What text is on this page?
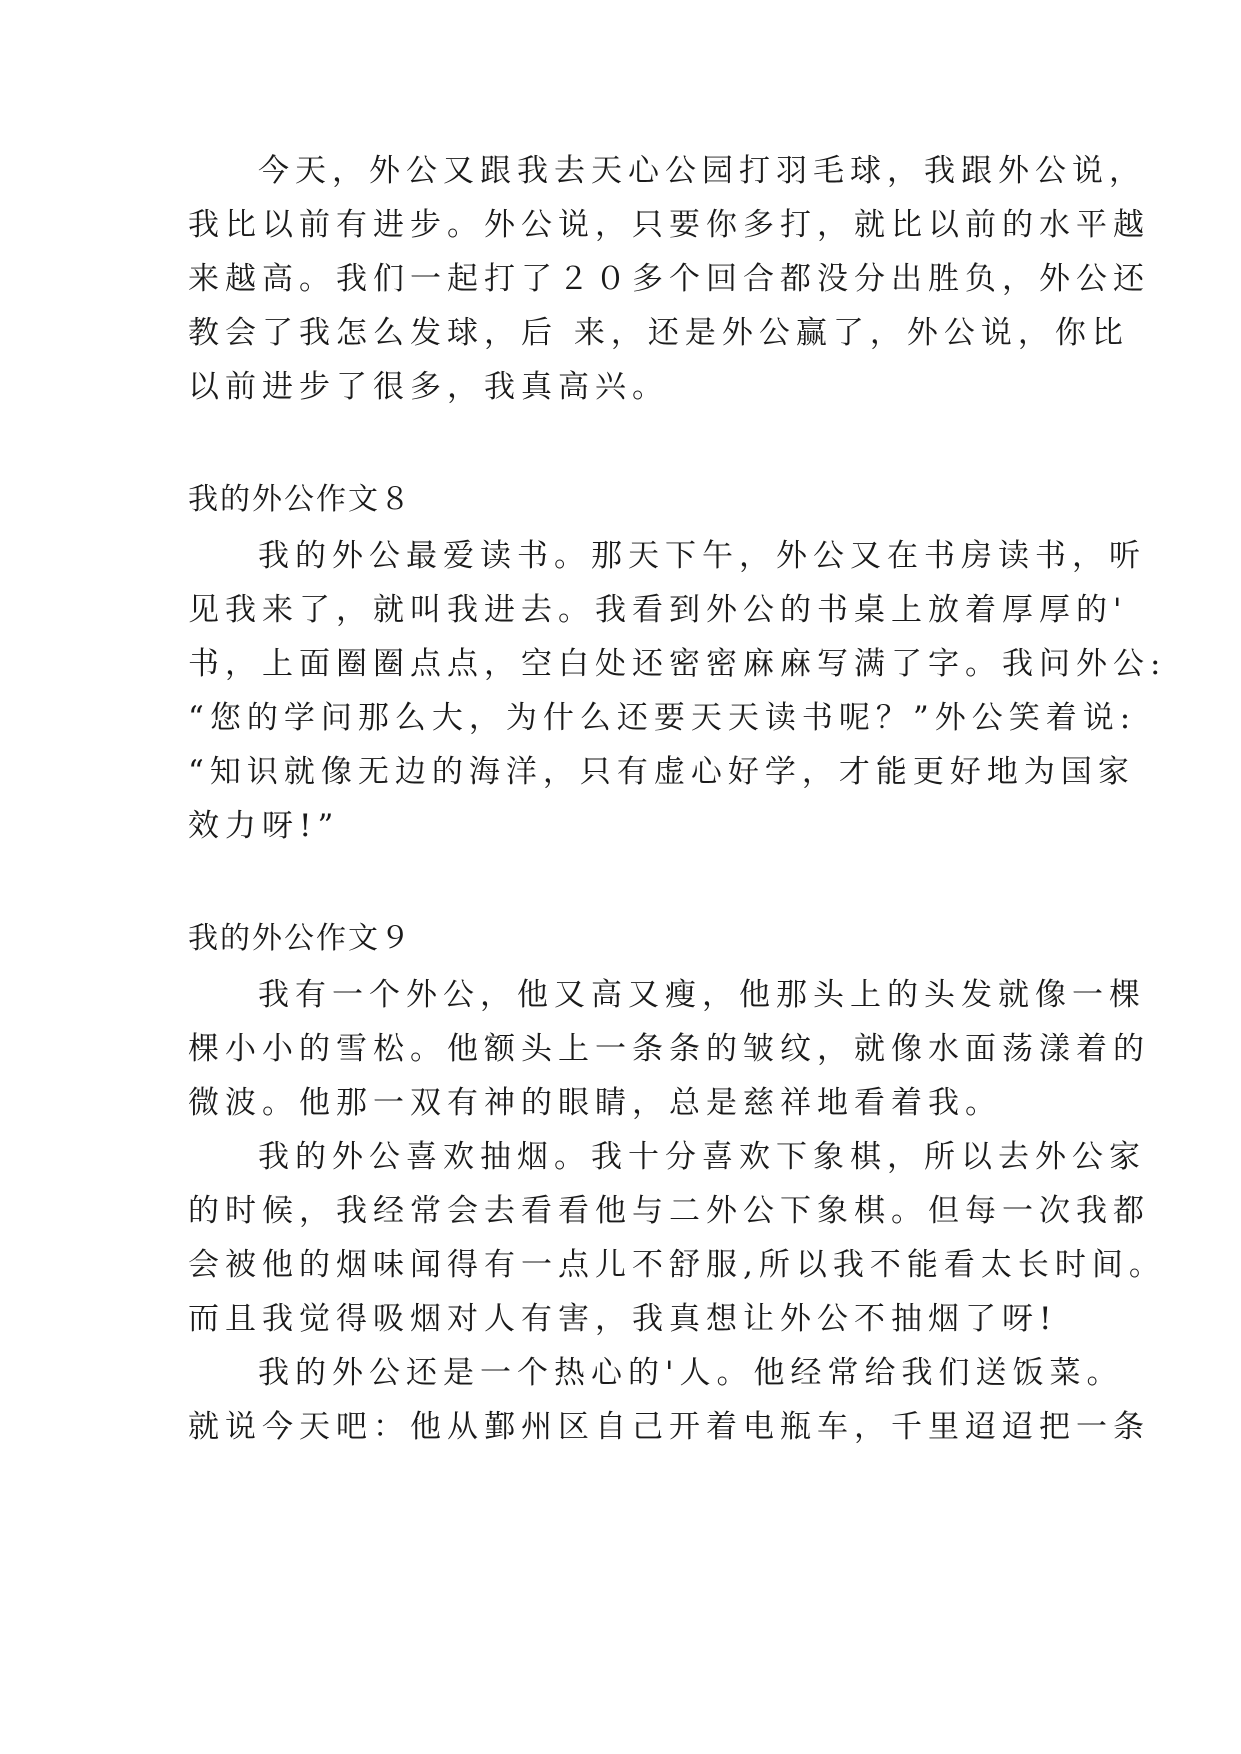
今天，外公又跟我去天心公园打羽毛球，我跟外公说，
我比以前有进步。外公说，只要你多打，就比以前的水平越
来越高。我们一起打了２０多个回合都没分出胜负，外公还
教会了我怎么发球，后 来，还是外公赢了，外公说，你比
以前进步了很多，我真高兴。
我的外公作文８
我的外公最爱读书。那天下午，外公又在书房读书，听
见我来了，就叫我进去。我看到外公的书桌上放着厚厚的'
书，上面圈圈点点，空白处还密密麻麻写满了字。我问外公:
“您的学问那么大，为什么还要天天读书呢？”外公笑着说:
“知识就像无边的海洋，只有虚心好学，才能更好地为国家
效力呀!”
我的外公作文９
我有一个外公，他又高又瘦，他那头上的头发就像一棵
棵小小的雪松。他额头上一条条的皱纹，就像水面荡漾着的
微波。他那一双有神的眼睛，总是慈祥地看着我。
我的外公喜欢抽烟。我十分喜欢下象棋，所以去外公家
的时候，我经常会去看看他与二外公下象棋。但每一次我都
会被他的烟味闻得有一点儿不舒服,所以我不能看太长时间。
而且我觉得吸烟对人有害，我真想让外公不抽烟了呀!
我的外公还是一个热心的'人。他经常给我们送饭菜。
就说今天吧：他从鄞州区自己开着电瓶车，千里迢迢把一条
